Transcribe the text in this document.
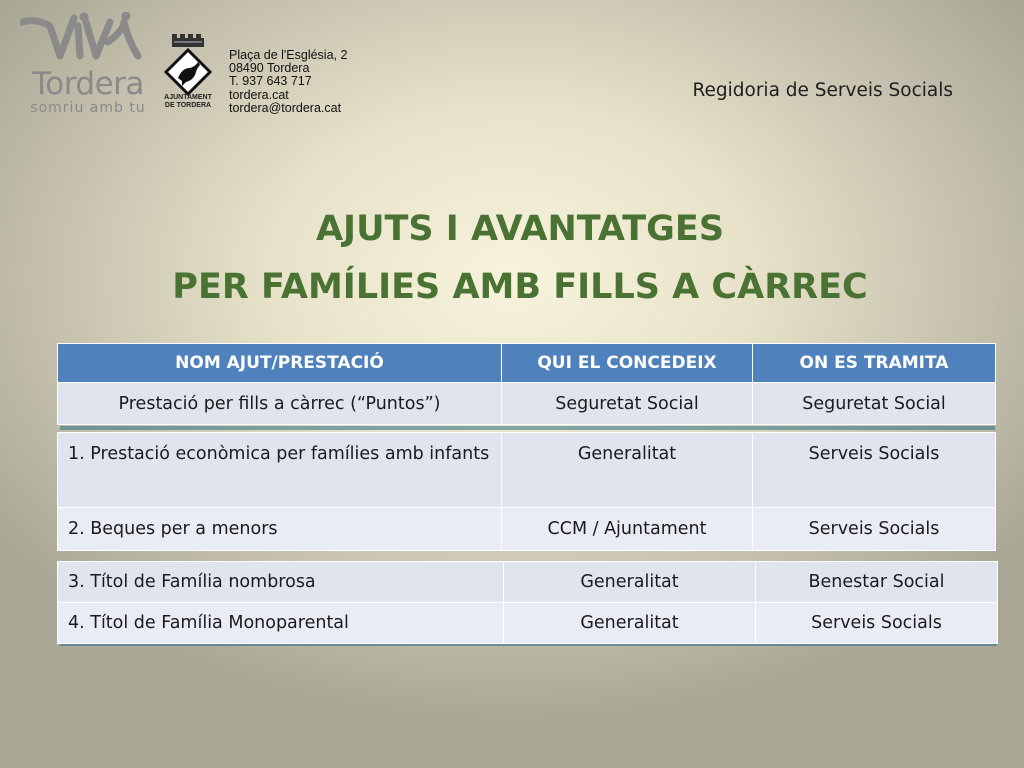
Tordera
somriu amb tu
AJUNTAMENT
DE TORDERA
Plaça de l'Església, 2
08490 Tordera
T. 937 643 717
tordera.cat
tordera@tordera.cat
Regidoria de Serveis Socials
AJUTS I AVANTATGES
PER FAMÍLIES AMB FILLS A CÀRREC
NOM AJUT/PRESTACIÓ	QUI EL CONCEDEIX	ON ES TRAMITA
Prestació per fills a càrrec (“Puntos”)	Seguretat Social	Seguretat Social
1. Prestació econòmica per famílies amb infants	Generalitat	Serveis Socials
2. Beques per a menors	CCM / Ajuntament	Serveis Socials
3. Títol de Família nombrosa	Generalitat	Benestar Social
4. Títol de Família Monoparental	Generalitat	Serveis Socials
